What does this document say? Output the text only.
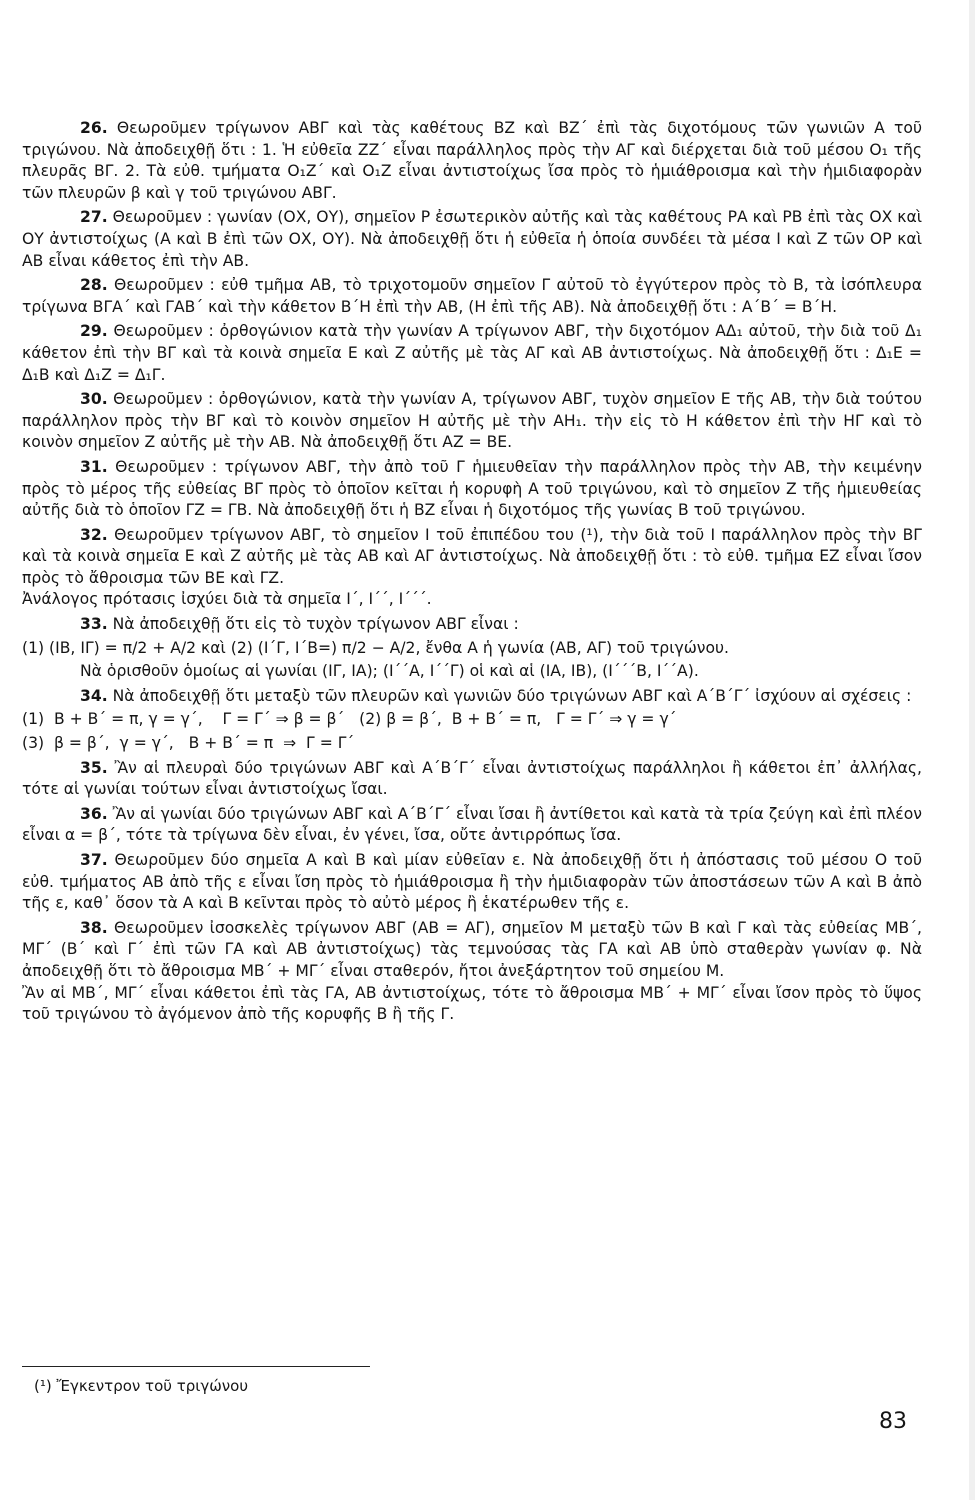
26. Θεωροῦμεν τρίγωνον ΑΒΓ καὶ τὰς καθέτους ΒΖ καὶ ΒΖ΄ ἐπὶ τὰς διχοτόμους τῶν γωνιῶν Α τοῦ τριγώνου. Νὰ ἀποδειχθῇ ὅτι : 1. Ἡ εὐθεῖα ΖΖ΄ εἶναι παράλληλος πρὸς τὴν ΑΓ καὶ διέρχεται διὰ τοῦ μέσου Ο₁ τῆς πλευρᾶς ΒΓ. 2. Τὰ εὐθ. τμήματα Ο₁Ζ΄ καὶ Ο₁Ζ εἶναι ἀντιστοίχως ἴσα πρὸς τὸ ἡμιάθροισμα καὶ τὴν ἡμιδιαφορὰν τῶν πλευρῶν β καὶ γ τοῦ τριγώνου ΑΒΓ.

27. Θεωροῦμεν : γωνίαν (ΟΧ, ΟΥ), σημεῖον Ρ ἐσωτερικὸν αὐτῆς καὶ τὰς καθέτους ΡΑ καὶ ΡΒ ἐπὶ τὰς ΟΧ καὶ ΟΥ ἀντιστοίχως (Α καὶ Β ἐπὶ τῶν ΟΧ, ΟΥ). Νὰ ἀποδειχθῇ ὅτι ἡ εὐθεῖα ἡ ὁποία συνδέει τὰ μέσα Ι καὶ Ζ τῶν ΟΡ καὶ ΑΒ εἶναι κάθετος ἐπὶ τὴν ΑΒ.

28. Θεωροῦμεν : εὐθ τμῆμα ΑΒ, τὸ τριχοτομοῦν σημεῖον Γ αὐτοῦ τὸ ἐγγύτερον πρὸς τὸ Β, τὰ ἰσόπλευρα τρίγωνα ΒΓΑ΄ καὶ ΓΑΒ΄ καὶ τὴν κάθετον Β΄Η ἐπὶ τὴν ΑΒ, (Η ἐπὶ τῆς ΑΒ). Νὰ ἀποδειχθῇ ὅτι : Α΄Β΄ = Β΄Η.

29. Θεωροῦμεν : ὀρθογώνιον κατὰ τὴν γωνίαν Α τρίγωνον ΑΒΓ, τὴν διχοτόμον ΑΔ₁ αὐτοῦ, τὴν διὰ τοῦ Δ₁ κάθετον ἐπὶ τὴν ΒΓ καὶ τὰ κοινὰ σημεῖα Ε καὶ Ζ αὐτῆς μὲ τὰς ΑΓ καὶ ΑΒ ἀντιστοίχως. Νὰ ἀποδειχθῇ ὅτι : Δ₁Ε = Δ₁Β καὶ Δ₁Ζ = Δ₁Γ.

30. Θεωροῦμεν : ὀρθογώνιον, κατὰ τὴν γωνίαν Α, τρίγωνον ΑΒΓ, τυχὸν σημεῖον Ε τῆς ΑΒ, τὴν διὰ τούτου παράλληλον πρὸς τὴν ΒΓ καὶ τὸ κοινὸν σημεῖον Η αὐτῆς μὲ τὴν ΑΗ₁. τὴν εἰς τὸ Η κάθετον ἐπὶ τὴν ΗΓ καὶ τὸ κοινὸν σημεῖον Ζ αὐτῆς μὲ τὴν ΑΒ. Νὰ ἀποδειχθῇ ὅτι ΑΖ = ΒΕ.

31. Θεωροῦμεν : τρίγωνον ΑΒΓ, τὴν ἀπὸ τοῦ Γ ἡμιευθεῖαν τὴν παράλληλον πρὸς τὴν ΑΒ, τὴν κειμένην πρὸς τὸ μέρος τῆς εὐθείας ΒΓ πρὸς τὸ ὁποῖον κεῖται ἡ κορυφὴ Α τοῦ τριγώνου, καὶ τὸ σημεῖον Ζ τῆς ἡμιευθείας αὐτῆς διὰ τὸ ὁποῖον ΓΖ = ΓΒ. Νὰ ἀποδειχθῇ ὅτι ἡ ΒΖ εἶναι ἡ διχοτόμος τῆς γωνίας Β τοῦ τριγώνου.

32. Θεωροῦμεν τρίγωνον ΑΒΓ, τὸ σημεῖον Ι τοῦ ἐπιπέδου του (¹), τὴν διὰ τοῦ Ι παράλληλον πρὸς τὴν ΒΓ καὶ τὰ κοινὰ σημεῖα Ε καὶ Ζ αὐτῆς μὲ τὰς ΑΒ καὶ ΑΓ ἀντιστοίχως. Νὰ ἀποδειχθῇ ὅτι : τὸ εὐθ. τμῆμα ΕΖ εἶναι ἴσον πρὸς τὸ ἄθροισμα τῶν ΒΕ καὶ ΓΖ.

Ἀνάλογος πρότασις ἰσχύει διὰ τὰ σημεῖα Ι΄, Ι΄΄, Ι΄΄΄.

33. Νὰ ἀποδειχθῇ ὅτι εἰς τὸ τυχὸν τρίγωνον ΑΒΓ εἶναι :

(1) (ΙΒ, ΙΓ) = π/2 + Α/2 καὶ (2) (Ι΄Γ, Ι΄Β=) π/2 − Α/2, ἔνθα Α ἡ γωνία (ΑΒ, ΑΓ) τοῦ τριγώνου.

Νὰ ὁρισθοῦν ὁμοίως αἱ γωνίαι (ΙΓ, ΙΑ); (Ι΄΄Α, Ι΄΄Γ) οἱ καὶ αἱ (ΙΑ, ΙΒ), (Ι΄΄΄Β, Ι΄΄Α).

34. Νὰ ἀποδειχθῇ ὅτι μεταξὺ τῶν πλευρῶν καὶ γωνιῶν δύο τριγώνων ΑΒΓ καὶ Α΄Β΄Γ΄ ἰσχύουν αἱ σχέσεις :

(1)  Β + Β΄ = π, γ = γ΄,    Γ = Γ΄ ⇒ β = β΄   (2) β = β΄,  Β + Β΄ = π,   Γ = Γ΄ ⇒ γ = γ΄
(3)  β = β΄,  γ = γ΄,   Β + Β΄ = π  ⇒  Γ = Γ΄

35. Ἂν αἱ πλευραὶ δύο τριγώνων ΑΒΓ καὶ Α΄Β΄Γ΄ εἶναι ἀντιστοίχως παράλληλοι ἢ κάθετοι ἐπ᾿ ἀλλήλας, τότε αἱ γωνίαι τούτων εἶναι ἀντιστοίχως ἴσαι.

36. Ἂν αἱ γωνίαι δύο τριγώνων ΑΒΓ καὶ Α΄Β΄Γ΄ εἶναι ἴσαι ἢ ἀντίθετοι καὶ κατὰ τὰ τρία ζεύγη καὶ ἐπὶ πλέον εἶναι α = β΄, τότε τὰ τρίγωνα δὲν εἶναι, ἐν γένει, ἴσα, οὔτε ἀντιρρόπως ἴσα.

37. Θεωροῦμεν δύο σημεῖα Α καὶ Β καὶ μίαν εὐθεῖαν ε. Νὰ ἀποδειχθῇ ὅτι ἡ ἀπόστασις τοῦ μέσου Ο τοῦ εὐθ. τμήματος ΑΒ ἀπὸ τῆς ε εἶναι ἴση πρὸς τὸ ἡμιάθροισμα ἢ τὴν ἡμιδιαφορὰν τῶν ἀποστάσεων τῶν Α καὶ Β ἀπὸ τῆς ε, καθ᾿ ὅσον τὰ Α καὶ Β κεῖνται πρὸς τὸ αὐτὸ μέρος ἢ ἑκατέρωθεν τῆς ε.

38. Θεωροῦμεν ἰσοσκελὲς τρίγωνον ΑΒΓ (ΑΒ = ΑΓ), σημεῖον Μ μεταξὺ τῶν Β καὶ Γ καὶ τὰς εὐθείας ΜΒ΄, ΜΓ΄ (Β΄ καὶ Γ΄ ἐπὶ τῶν ΓΑ καὶ ΑΒ ἀντιστοίχως) τὰς τεμνούσας τὰς ΓΑ καὶ ΑΒ ὑπὸ σταθερὰν γωνίαν φ. Νὰ ἀποδειχθῇ ὅτι τὸ ἄθροισμα ΜΒ΄ + ΜΓ΄ εἶναι σταθερόν, ἤτοι ἀνεξάρτητον τοῦ σημείου Μ.

Ἂν αἱ ΜΒ΄, ΜΓ΄ εἶναι κάθετοι ἐπὶ τὰς ΓΑ, ΑΒ ἀντιστοίχως, τότε τὸ ἄθροισμα ΜΒ΄ + ΜΓ΄ εἶναι ἴσον πρὸς τὸ ὕψος τοῦ τριγώνου τὸ ἀγόμενον ἀπὸ τῆς κορυφῆς Β ἢ τῆς Γ.

(¹) Ἔγκεντρον τοῦ τριγώνου
83
